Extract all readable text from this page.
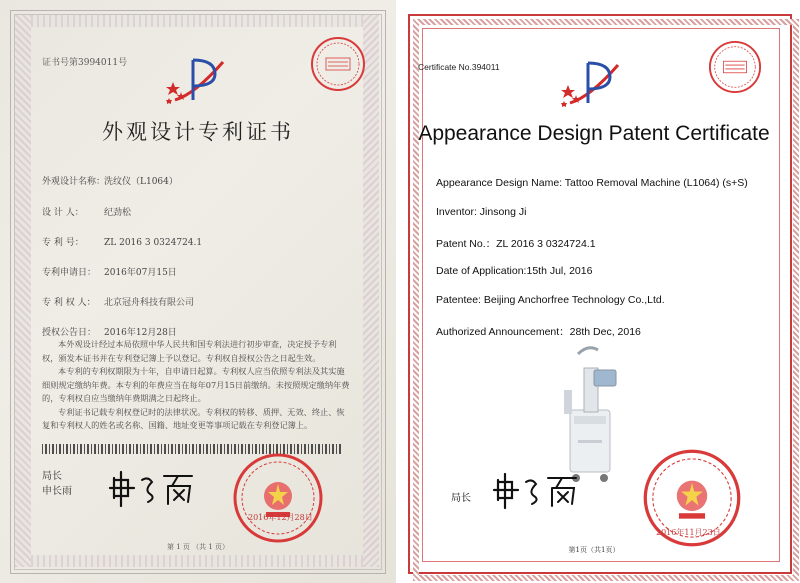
证书号第3994011号
外观设计专利证书
外观设计名称：洗纹仪（L1064）
设 计 人： 纪劲松
专 利 号： ZL 2016 3 0324724.1
专利申请日： 2016年07月15日
专 利 权 人： 北京冠舟科技有限公司
授权公告日： 2016年12月28日

本外观设计经过本局依照中华人民共和国专利法进行初步审查，决定授予专利权，颁发本证书并在专利登记簿上予以登记。专利权自授权公告之日起生效。

本专利的专利权期限为十年，自申请日起算。专利权人应当依照专利法及其实施细则规定缴纳年费。本专利的年费应当在每年07月15日前缴纳。未按照规定缴纳年费的，专利权自应当缴纳年费期满之日起终止。

专利证书记载专利权登记时的法律状况。专利权的转移、质押、无效、终止、恢复和专利权人的姓名或名称、国籍、地址变更等事项记载在专利登记簿上。

局长
申长雨
2016年12月28日
第 1 页 （共 1 页）
Certificate No.394011
Appearance Design Patent Certificate
Appearance Design Name: Tattoo Removal Machine (L1064) (s+S)
Inventor: Jinsong Ji
Patent No.：ZL 2016 3 0324724.1
Date of Application:15th Jul, 2016
Patentee: Beijing Anchorfree Technology Co.,Ltd.
Authorized Announcement：28th Dec, 2016
局长
2016年11月23日
第1页（共1页）
